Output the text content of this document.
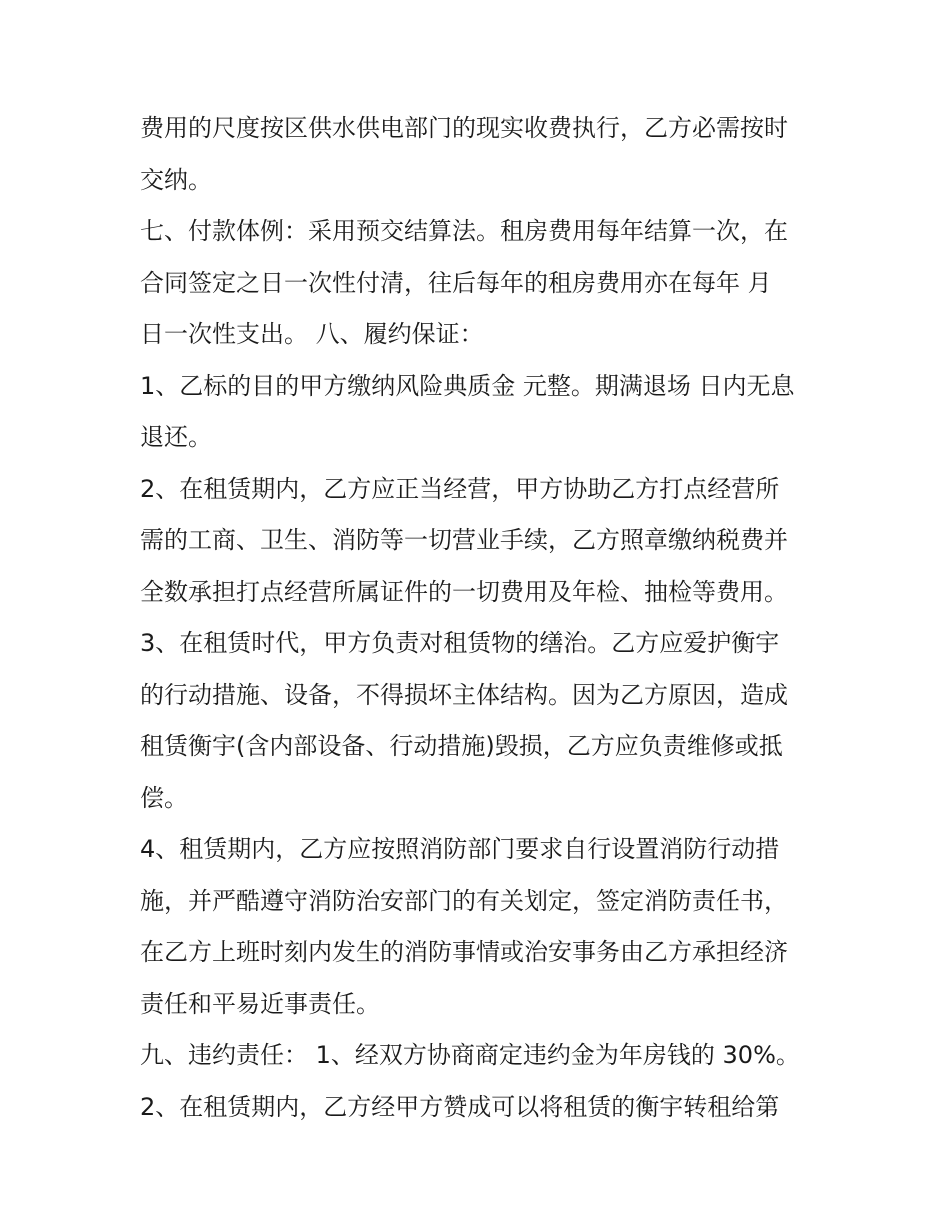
费用的尺度按区供水供电部门的现实收费执行，乙方必需按时
交纳。
七、付款体例：采用预交结算法。租房费用每年结算一次，在
合同签定之日一次性付清，往后每年的租房费用亦在每年 月
日一次性支出。 八、履约保证：
1、乙标的目的甲方缴纳风险典质金 元整。期满退场 日内无息
退还。
2、在租赁期内，乙方应正当经营，甲方协助乙方打点经营所
需的工商、卫生、消防等一切营业手续，乙方照章缴纳税费并
全数承担打点经营所属证件的一切费用及年检、抽检等费用。
3、在租赁时代，甲方负责对租赁物的缮治。乙方应爱护衡宇
的行动措施、设备，不得损坏主体结构。因为乙方原因，造成
租赁衡宇(含内部设备、行动措施)毁损，乙方应负责维修或抵
偿。
4、租赁期内，乙方应按照消防部门要求自行设置消防行动措
施，并严酷遵守消防治安部门的有关划定，签定消防责任书，
在乙方上班时刻内发生的消防事情或治安事务由乙方承担经济
责任和平易近事责任。
九、违约责任： 1、经双方协商商定违约金为年房钱的 30%。
2、在租赁期内，乙方经甲方赞成可以将租赁的衡宇转租给第
